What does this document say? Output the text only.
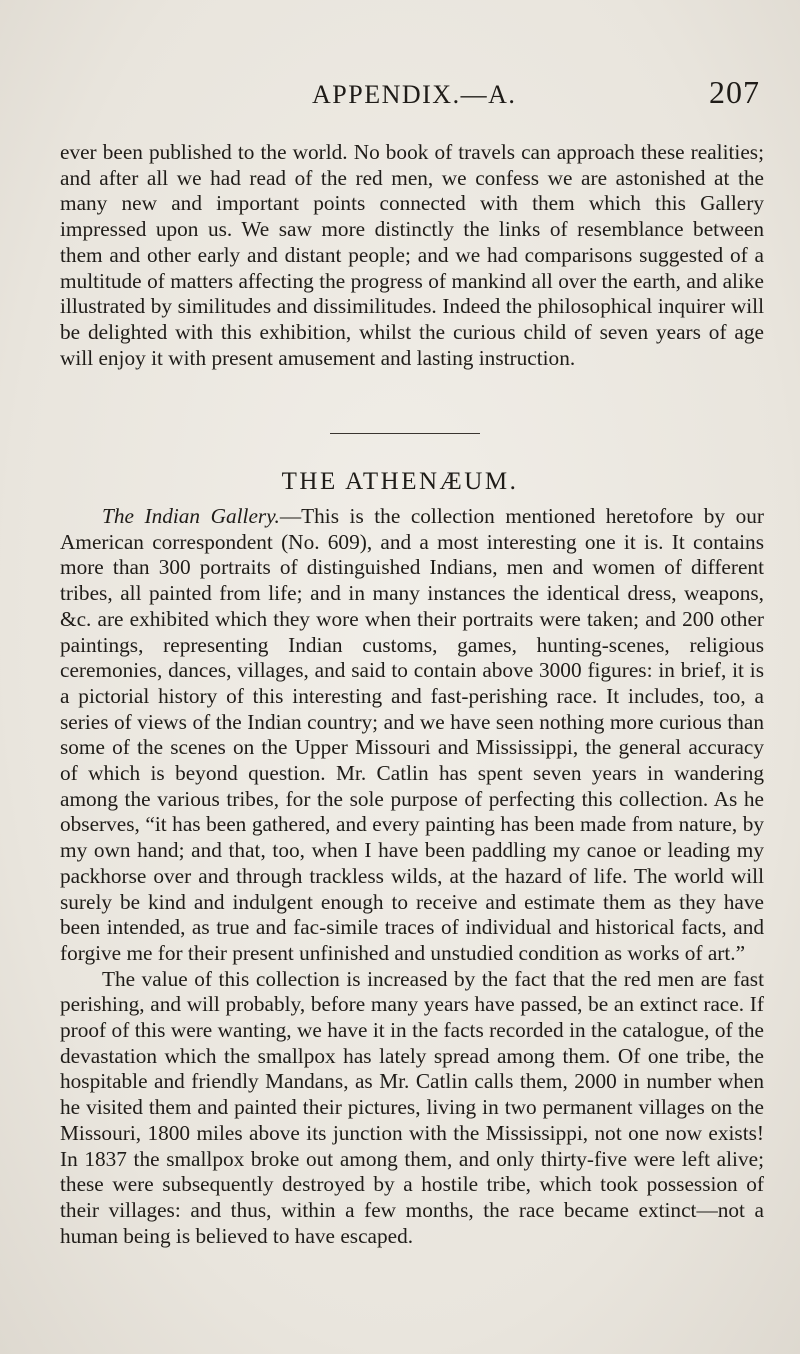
APPENDIX.—A.	207

ever been published to the world. No book of travels can approach these realities; and after all we had read of the red men, we confess we are astonished at the many new and important points connected with them which this Gallery impressed upon us. We saw more distinctly the links of resemblance between them and other early and distant people; and we had comparisons suggested of a multitude of matters affecting the progress of mankind all over the earth, and alike illustrated by similitudes and dissimilitudes. Indeed the philosophical inquirer will be delighted with this exhibition, whilst the curious child of seven years of age will enjoy it with present amusement and lasting instruction.

THE ATHENÆUM.

The Indian Gallery.—This is the collection mentioned heretofore by our American correspondent (No. 609), and a most interesting one it is. It contains more than 300 portraits of distinguished Indians, men and women of different tribes, all painted from life; and in many instances the identical dress, weapons, &c. are exhibited which they wore when their portraits were taken; and 200 other paintings, representing Indian customs, games, hunting-scenes, religious ceremonies, dances, villages, and said to contain above 3000 figures: in brief, it is a pictorial history of this interesting and fast-perishing race. It includes, too, a series of views of the Indian country; and we have seen nothing more curious than some of the scenes on the Upper Missouri and Mississippi, the general accuracy of which is beyond question. Mr. Catlin has spent seven years in wandering among the various tribes, for the sole purpose of perfecting this collection. As he observes, “it has been gathered, and every painting has been made from nature, by my own hand; and that, too, when I have been paddling my canoe or leading my packhorse over and through trackless wilds, at the hazard of life. The world will surely be kind and indulgent enough to receive and estimate them as they have been intended, as true and fac-simile traces of individual and historical facts, and forgive me for their present unfinished and unstudied condition as works of art.”

The value of this collection is increased by the fact that the red men are fast perishing, and will probably, before many years have passed, be an extinct race. If proof of this were wanting, we have it in the facts recorded in the catalogue, of the devastation which the smallpox has lately spread among them. Of one tribe, the hospitable and friendly Mandans, as Mr. Catlin calls them, 2000 in number when he visited them and painted their pictures, living in two permanent villages on the Missouri, 1800 miles above its junction with the Mississippi, not one now exists! In 1837 the smallpox broke out among them, and only thirty-five were left alive; these were subsequently destroyed by a hostile tribe, which took possession of their villages: and thus, within a few months, the race became extinct—not a human being is believed to have escaped.
